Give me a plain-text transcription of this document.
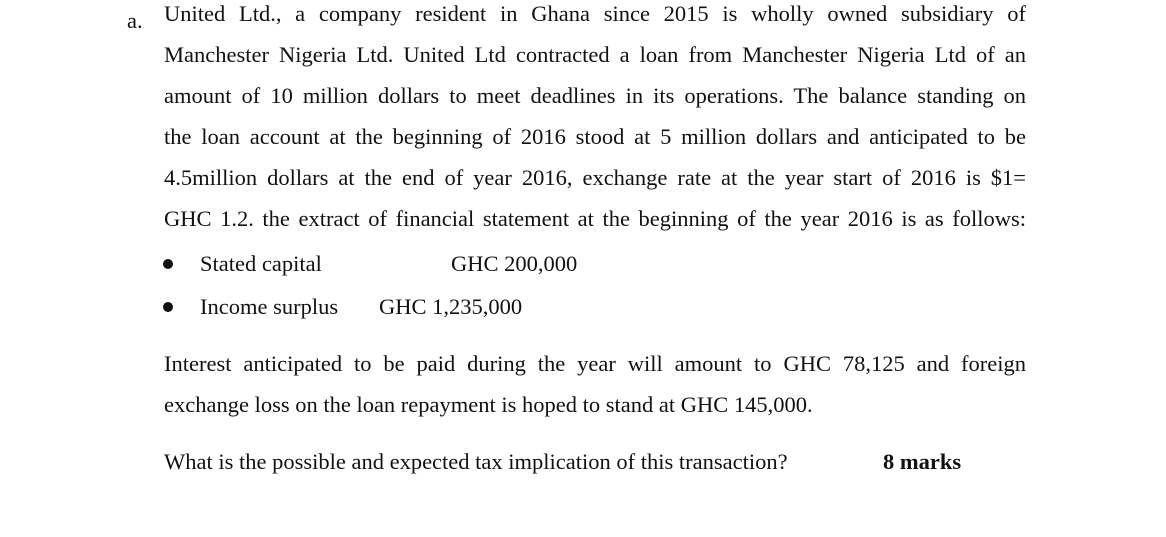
a. United Ltd., a company resident in Ghana since 2015 is wholly owned subsidiary of
Manchester Nigeria Ltd. United Ltd contracted a loan from Manchester Nigeria Ltd of an
amount of 10 million dollars to meet deadlines in its operations. The balance standing on
the loan account at the beginning of 2016 stood at 5 million dollars and anticipated to be
4.5million dollars at the end of year 2016, exchange rate at the year start of 2016 is $1=
GHC 1.2. the extract of financial statement at the beginning of the year 2016 is as follows:
Stated capital	GHC 200,000
Income surplus GHC 1,235,000
Interest anticipated to be paid during the year will amount to GHC 78,125 and foreign
exchange loss on the loan repayment is hoped to stand at GHC 145,000.
What is the possible and expected tax implication of this transaction?	8 marks
